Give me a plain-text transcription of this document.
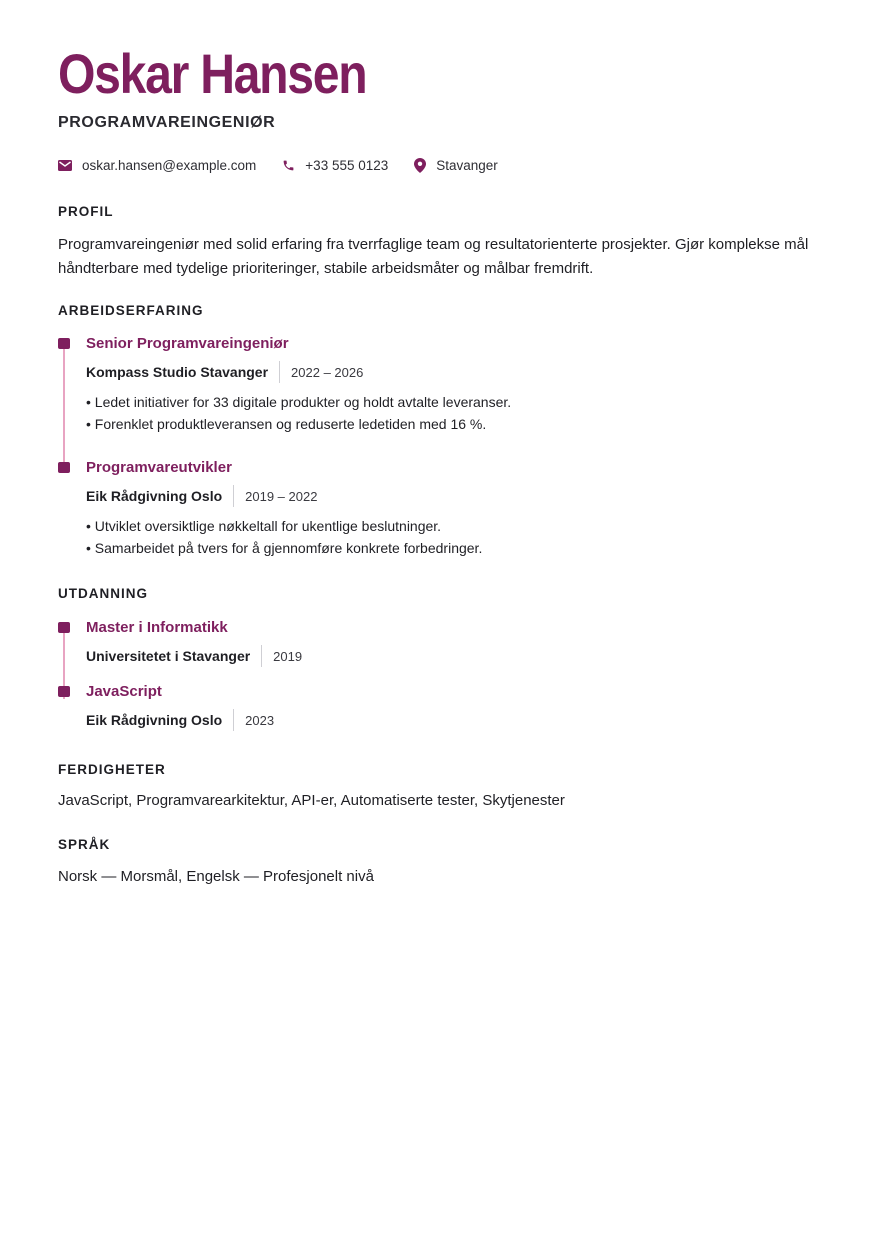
Oskar Hansen
PROGRAMVAREINGENIØR
oskar.hansen@example.com	+33 555 0123	Stavanger
PROFIL
Programvareingeniør med solid erfaring fra tverrfaglige team og resultatorienterte prosjekter. Gjør komplekse mål håndterbare med tydelige prioriteringer, stabile arbeidsmåter og målbar fremdrift.
ARBEIDSERFARING
Senior Programvareingeniør
Kompass Studio Stavanger	2022 – 2026
• Ledet initiativer for 33 digitale produkter og holdt avtalte leveranser.
• Forenklet produktleveransen og reduserte ledetiden med 16 %.
Programvareutvikler
Eik Rådgivning Oslo	2019 – 2022
• Utviklet oversiktlige nøkkeltall for ukentlige beslutninger.
• Samarbeidet på tvers for å gjennomføre konkrete forbedringer.
UTDANNING
Master i Informatikk
Universitetet i Stavanger	2019
JavaScript
Eik Rådgivning Oslo	2023
FERDIGHETER
JavaScript, Programvarearkitektur, API-er, Automatiserte tester, Skytjenester
SPRÅK
Norsk — Morsmål, Engelsk — Profesjonelt nivå
